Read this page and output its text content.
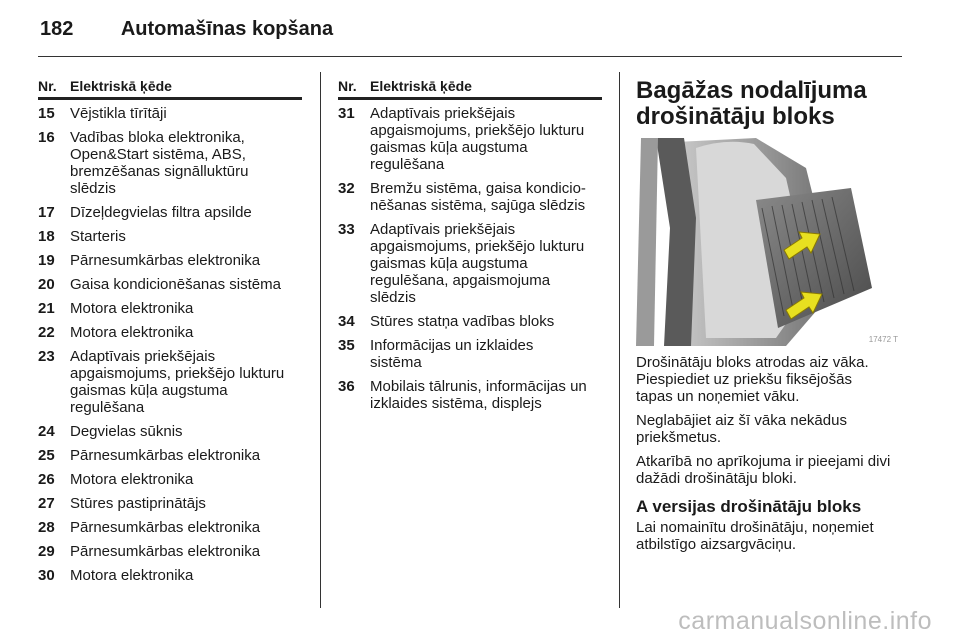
182 Automašīnas kopšana
Nr. Elektriskā ķēde
15	Vējstikla tīrītāji
16	Vadības bloka elektronika,
Open&Start sistēma, ABS,
bremzēšanas signālluktūru
slēdzis
17	Dīzeļdegvielas filtra apsilde
18	Starteris
19	Pārnesumkārbas elektronika
20	Gaisa kondicionēšanas sistēma
21	Motora elektronika
22	Motora elektronika
23	Adaptīvais priekšējais
apgaismojums, priekšējo lukturu
gaismas kūļa augstuma
regulēšana
24	Degvielas sūknis
25	Pārnesumkārbas elektronika
26	Motora elektronika
27	Stūres pastiprinātājs
28	Pārnesumkārbas elektronika
29	Pārnesumkārbas elektronika
30	Motora elektronika
Nr. Elektriskā ķēde
31	Adaptīvais priekšējais
apgaismojums, priekšējo lukturu
gaismas kūļa augstuma
regulēšana
32	Bremžu sistēma, gaisa kondicio-
nēšanas sistēma, sajūga slēdzis
33	Adaptīvais priekšējais
apgaismojums, priekšējo lukturu
gaismas kūļa augstuma
regulēšana, apgaismojuma
slēdzis
34	Stūres statņa vadības bloks
35	Informācijas un izklaides
sistēma
36	Mobilais tālrunis, informācijas un
izklaides sistēma, displejs
Bagāžas nodalījuma
drošinātāju bloks
17472 T
Drošinātāju bloks atrodas aiz vāka.
Piespiediet uz priekšu fiksējošās
tapas un noņemiet vāku.
Neglabājiet aiz šī vāka nekādus
priekšmetus.
Atkarībā no aprīkojuma ir pieejami divi
dažādi drošinātāju bloki.
A versijas drošinātāju bloks
Lai nomainītu drošinātāju, noņemiet
atbilstīgo aizsargvāciņu.
carmanualsonline.info
